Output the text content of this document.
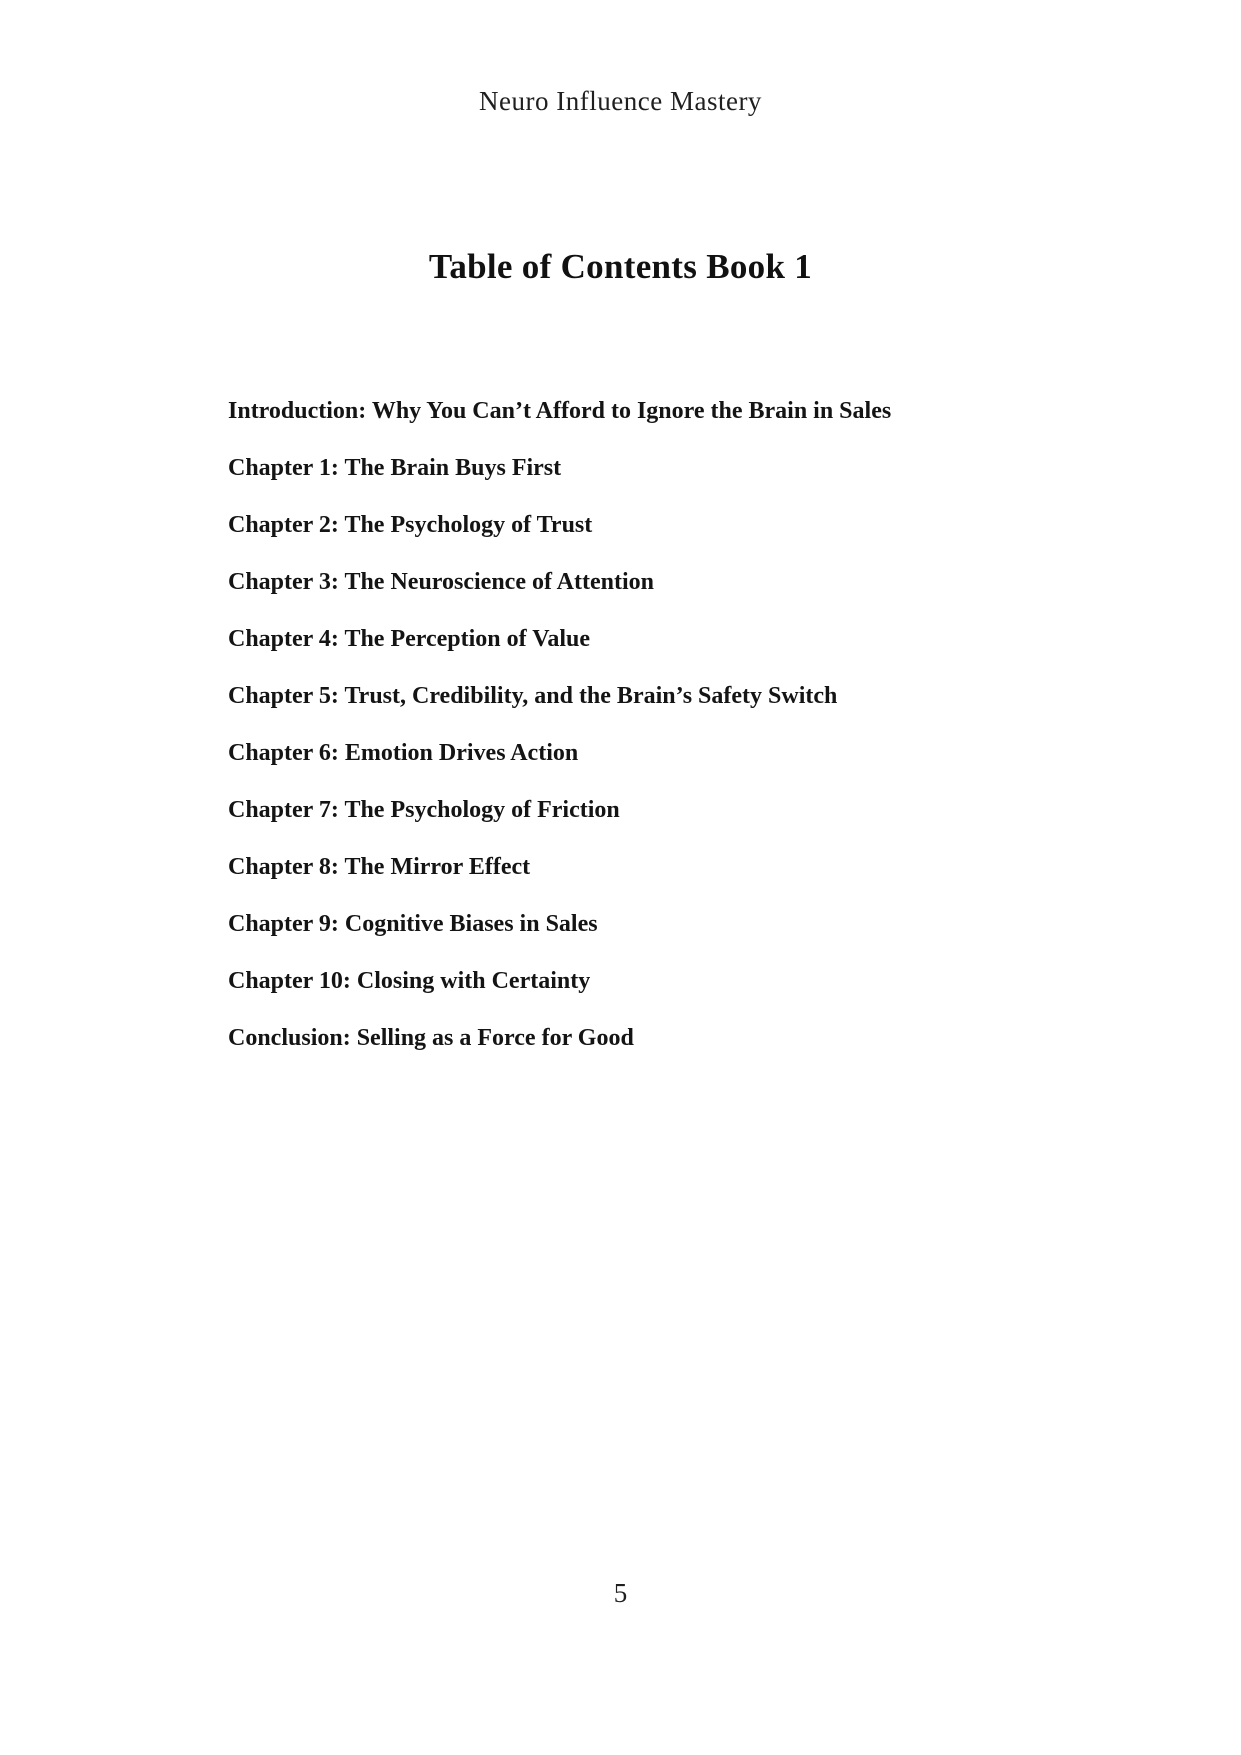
Neuro Influence Mastery
Table of Contents Book 1

Introduction: Why You Can’t Afford to Ignore the Brain in Sales

Chapter 1: The Brain Buys First

Chapter 2: The Psychology of Trust

Chapter 3: The Neuroscience of Attention

Chapter 4: The Perception of Value

Chapter 5: Trust, Credibility, and the Brain’s Safety Switch

Chapter 6: Emotion Drives Action

Chapter 7: The Psychology of Friction

Chapter 8: The Mirror Effect

Chapter 9: Cognitive Biases in Sales

Chapter 10: Closing with Certainty

Conclusion: Selling as a Force for Good

5
